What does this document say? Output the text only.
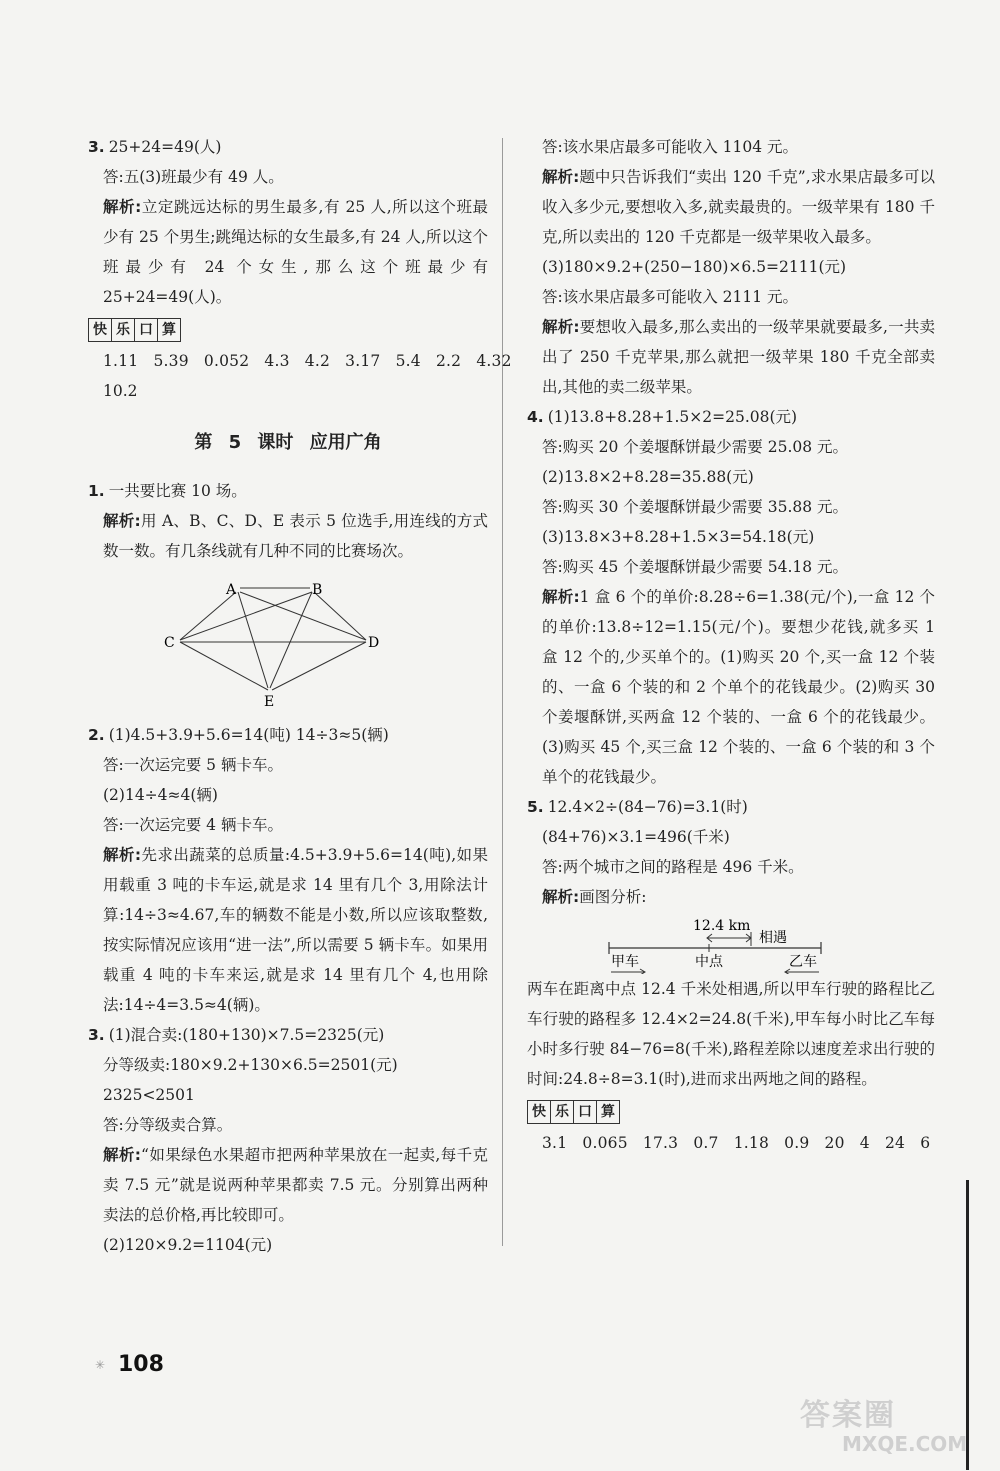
3. 25+24=49(人)

答:五(3)班最少有 49 人。

解析:立定跳远达标的男生最多,有 25 人,所以这个班最少有 25 个男生;跳绳达标的女生最多,有 24 人,所以这个班最少有 24 个女生,那么这个班最少有 25+24=49(人)。

快 乐 口 算

1.11 5.39 0.052 4.3 4.2 3.17 5.4 2.2 4.32

10.2

第 5 课时 应用广角

1. 一共要比赛 10 场。

解析:用 A、B、C、D、E 表示 5 位选手,用连线的方式数一数。有几条线就有几种不同的比赛场次。

A	B
C	D
E

2. (1)4.5+3.9+5.6=14(吨) 14÷3≈5(辆)

答:一次运完要 5 辆卡车。

(2)14÷4≈4(辆)

答:一次运完要 4 辆卡车。

解析:先求出蔬菜的总质量:4.5+3.9+5.6=14(吨),如果用载重 3 吨的卡车运,就是求 14 里有几个 3,用除法计算:14÷3≈4.67,车的辆数不能是小数,所以应该取整数,按实际情况应该用“进一法”,所以需要 5 辆卡车。如果用载重 4 吨的卡车来运,就是求 14 里有几个 4,也用除法:14÷4=3.5≈4(辆)。

3. (1)混合卖:(180+130)×7.5=2325(元)

分等级卖:180×9.2+130×6.5=2501(元)

2325<2501

答:分等级卖合算。

解析:“如果绿色水果超市把两种苹果放在一起卖,每千克卖 7.5 元”就是说两种苹果都卖 7.5 元。分别算出两种卖法的总价格,再比较即可。

(2)120×9.2=1104(元)

答:该水果店最多可能收入 1104 元。

解析:题中只告诉我们“卖出 120 千克”,求水果店最多可以收入多少元,要想收入多,就卖最贵的。一级苹果有 180 千克,所以卖出的 120 千克都是一级苹果收入最多。

(3)180×9.2+(250−180)×6.5=2111(元)

答:该水果店最多可能收入 2111 元。

解析:要想收入最多,那么卖出的一级苹果就要最多,一共卖出了 250 千克苹果,那么就把一级苹果 180 千克全部卖出,其他的卖二级苹果。

4. (1)13.8+8.28+1.5×2=25.08(元)

答:购买 20 个姜堰酥饼最少需要 25.08 元。

(2)13.8×2+8.28=35.88(元)

答:购买 30 个姜堰酥饼最少需要 35.88 元。

(3)13.8×3+8.28+1.5×3=54.18(元)

答:购买 45 个姜堰酥饼最少需要 54.18 元。

解析:1 盒 6 个的单价:8.28÷6=1.38(元/个),一盒 12 个的单价:13.8÷12=1.15(元/个)。要想少花钱,就多买 1 盒 12 个的,少买单个的。(1)购买 20 个,买一盒 12 个装的、一盒 6 个装的和 2 个单个的花钱最少。(2)购买 30 个姜堰酥饼,买两盒 12 个装的、一盒 6 个的花钱最少。(3)购买 45 个,买三盒 12 个装的、一盒 6 个装的和 3 个单个的花钱最少。

5. 12.4×2÷(84−76)=3.1(时)

(84+76)×3.1=496(千米)

答:两个城市之间的路程是 496 千米。

解析:画图分析:

12.4 km
相遇
甲车	中点	乙车

两车在距离中点 12.4 千米处相遇,所以甲车行驶的路程比乙车行驶的路程多 12.4×2=24.8(千米),甲车每小时比乙车每小时多行驶 84−76=8(千米),路程差除以速度差求出行驶的时间:24.8÷8=3.1(时),进而求出两地之间的路程。

快 乐 口 算

3.1 0.065 17.3 0.7 1.18 0.9 20 4 24 6

✳ 108
答案圈
MXQE.COM
